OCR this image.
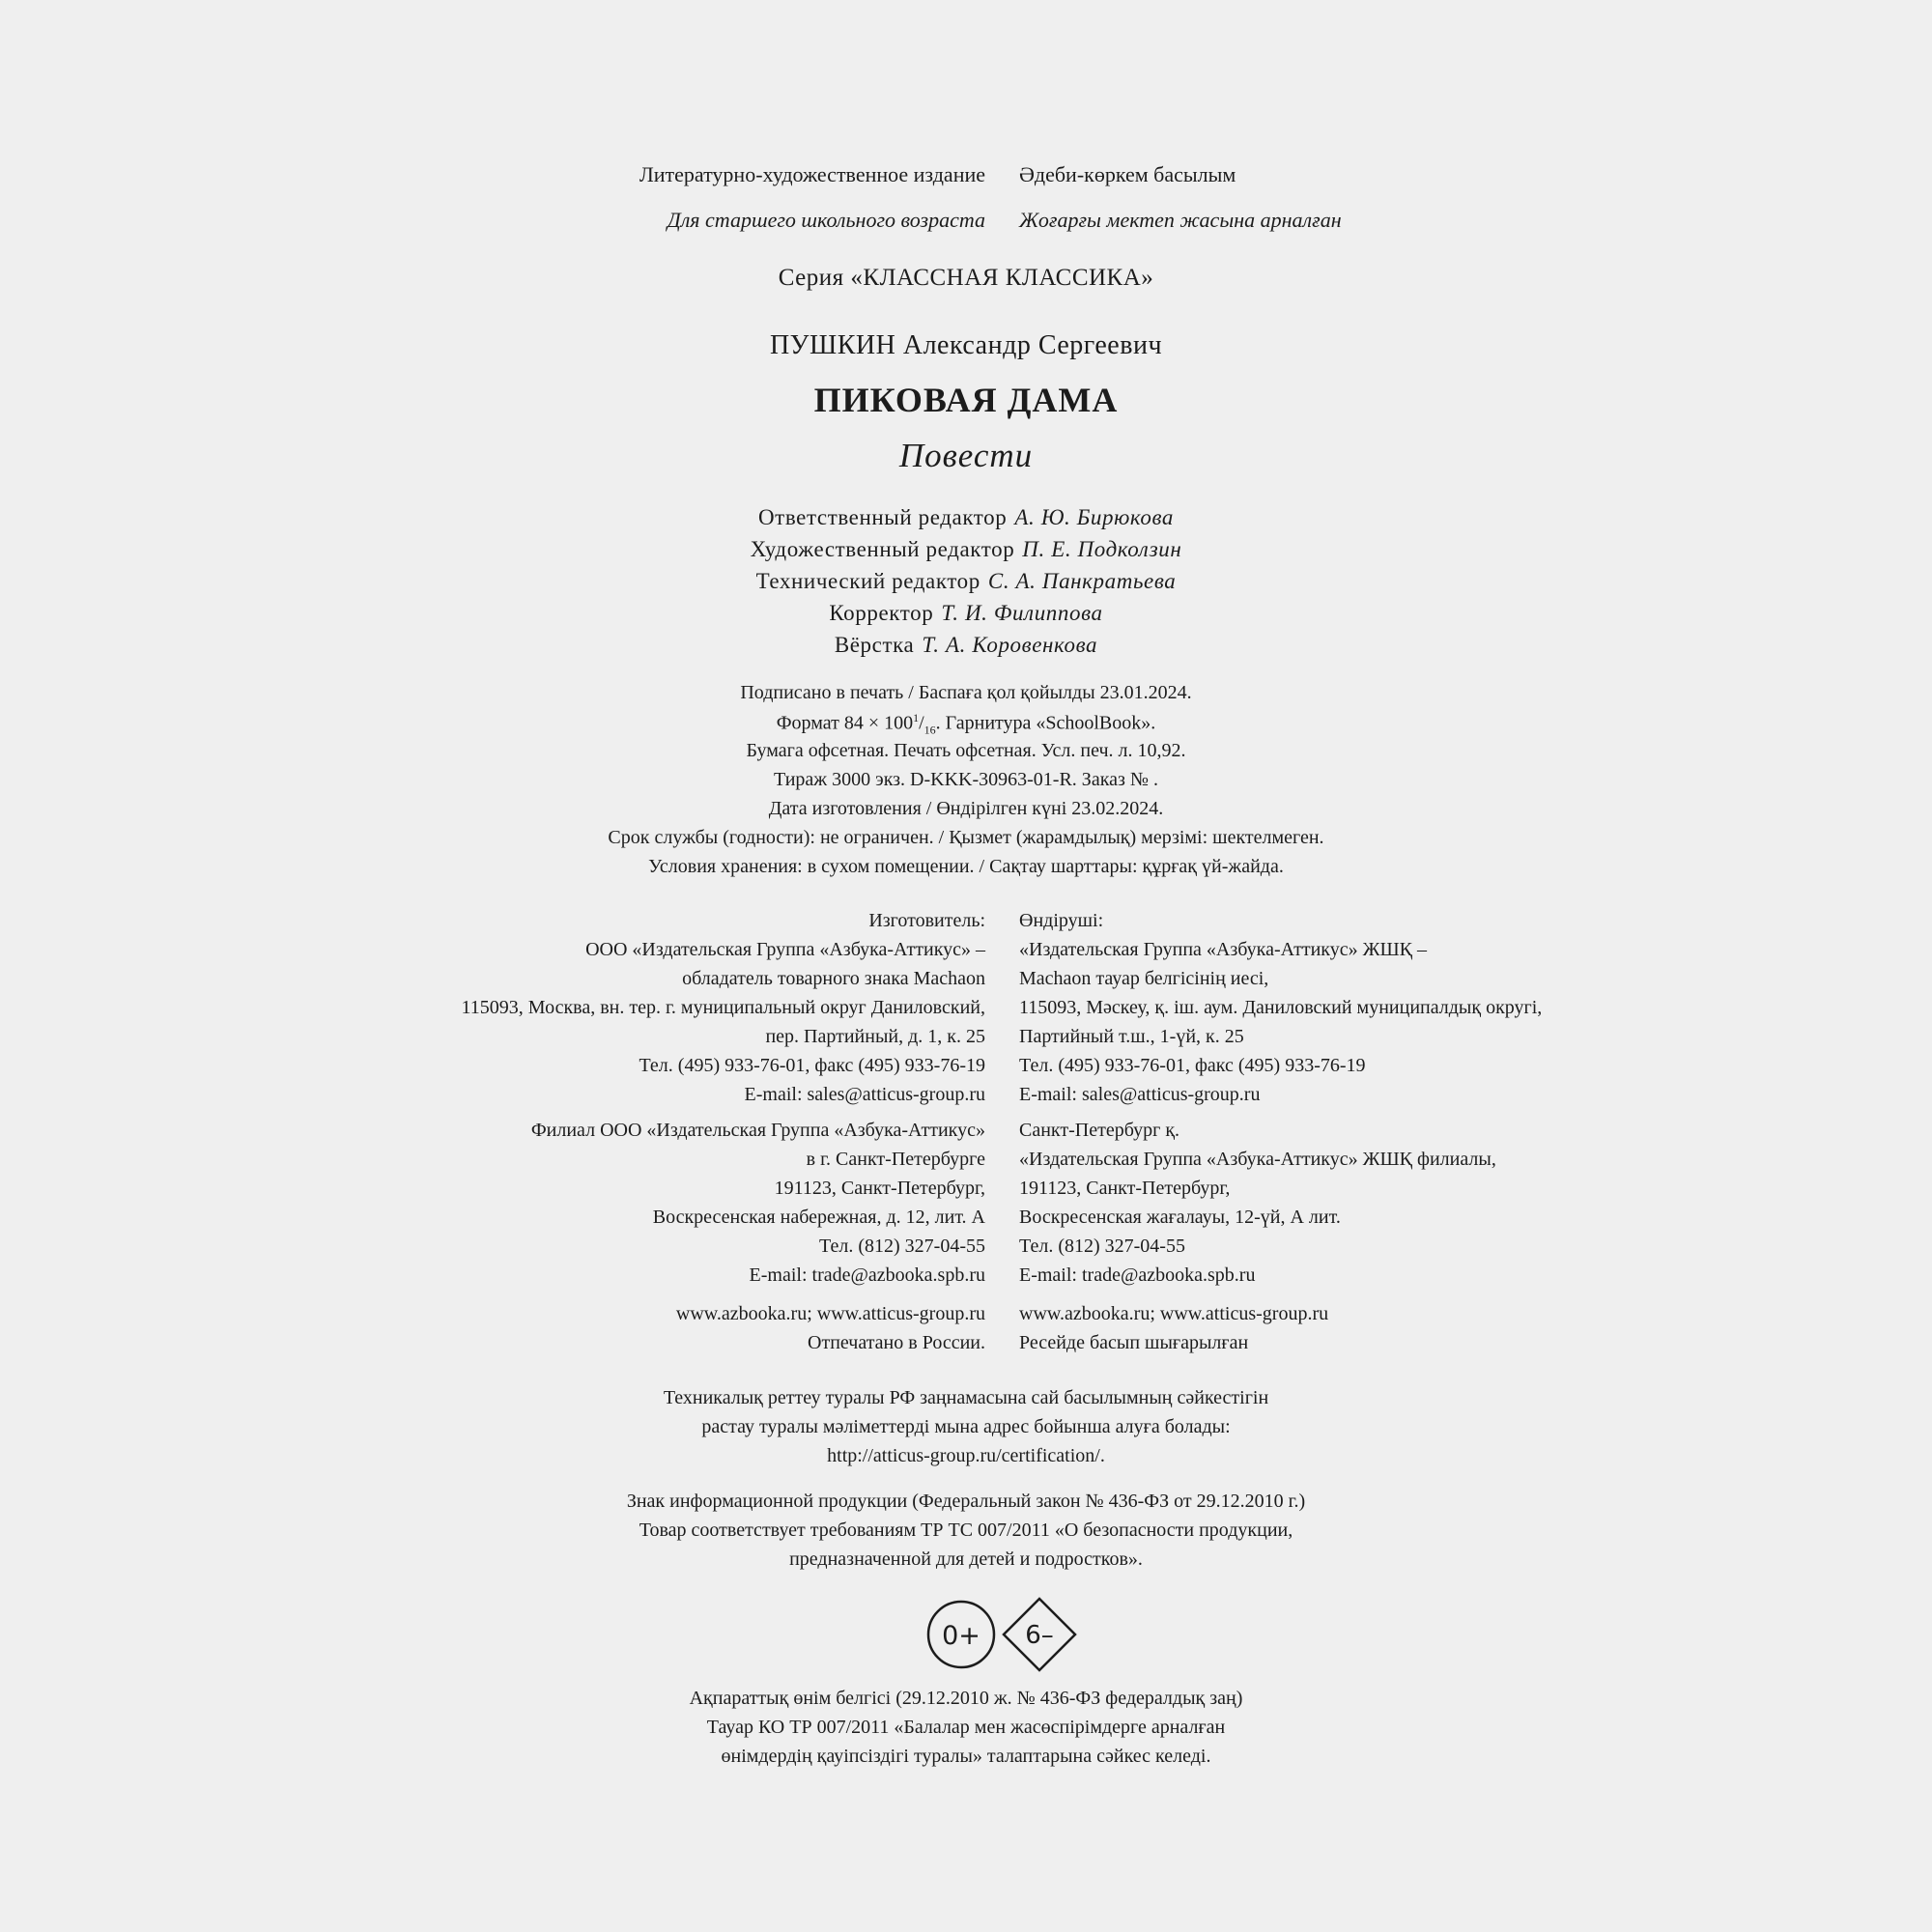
Литературно-художественное издание Әдеби-көркем басылым
Для старшего школьного возраста Жоғарғы мектеп жасына арналған
Серия «КЛАССНАЯ КЛАССИКА»
ПУШКИН Александр Сергеевич
ПИКОВАЯ ДАМА
Повести
Ответственный редактор А. Ю. Бирюкова
Художественный редактор П. Е. Подколзин
Технический редактор С. А. Панкратьева
Корректор Т. И. Филиппова
Вёрстка Т. А. Коровенкова
Подписано в печать / Баспаға қол қойылды 23.01.2024.
Формат $84 \times 100^1/_{16}$. Гарнитура «SchoolBook».
Бумага офсетная. Печать офсетная. Усл. печ. л. 10,92.
Тираж 3000 экз. D-KKK-30963-01-R. Заказ № .
Дата изготовления / Өндірілген күні 23.02.2024.
Срок службы (годности): не ограничен. / Қызмет (жарамдылық) мерзімі: шектелмеген.
Условия хранения: в сухом помещении. / Сақтау шарттары: құрғақ үй-жайда.
Изготовитель:
ООО «Издательская Группа «Азбука-Аттикус» –
обладатель товарного знака Machaon
115093, Москва, вн. тер. г. муниципальный округ Даниловский,
пер. Партийный, д. 1, к. 25
Тел. (495) 933-76-01, факс (495) 933-76-19
E-mail: sales@atticus-group.ru
Өндіруші:
«Издательская Группа «Азбука-Аттикус» ЖШҚ –
Machaon тауар белгісінің иесі,
115093, Мәскеу, қ. іш. аум. Даниловский муниципалдық округі,
Партийный т.ш., 1-үй, к. 25
Тел. (495) 933-76-01, факс (495) 933-76-19
E-mail: sales@atticus-group.ru
Филиал ООО «Издательская Группа «Азбука-Аттикус»
в г. Санкт-Петербурге
191123, Санкт-Петербург,
Воскресенская набережная, д. 12, лит. А
Тел. (812) 327-04-55
E-mail: trade@azbooka.spb.ru
Санкт-Петербург қ.
«Издательская Группа «Азбука-Аттикус» ЖШҚ филиалы,
191123, Санкт-Петербург,
Воскресенская жағалауы, 12-үй, А лит.
Тел. (812) 327-04-55
E-mail: trade@azbooka.spb.ru
www.azbooka.ru; www.atticus-group.ru
Отпечатано в России.
www.azbooka.ru; www.atticus-group.ru
Ресейде басып шығарылған
Техникалық реттеу туралы РФ заңнамасына сай басылымның сәйкестігін
растау туралы мәліметтерді мына адрес бойынша алуға болады:
http://atticus-group.ru/certification/.
Знак информационной продукции (Федеральный закон № 436-ФЗ от 29.12.2010 г.)
Товар соответствует требованиям ТР ТС 007/2011 «О безопасности продукции,
предназначенной для детей и подростков».
0+ 6–
Ақпараттық өнім белгісі (29.12.2010 ж. № 436-ФЗ федералдық заң)
Тауар КО ТР 007/2011 «Балалар мен жасөспірімдерге арналған
өнімдердің қауіпсіздігі туралы» талаптарына сәйкес келеді.
